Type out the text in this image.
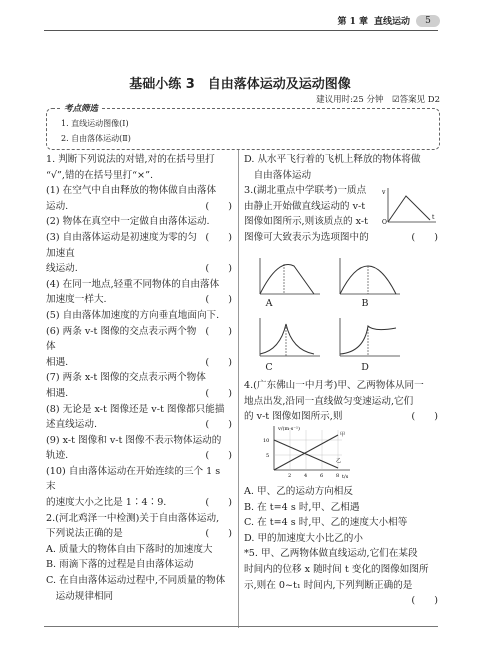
第 1 章 直线运动	5
基础小练 3　自由落体运动及运动图像
建议用时:25 分钟　☑答案见 D2
考点筛选
1. 直线运动图像(Ⅰ)
2. 自由落体运动(Ⅱ)

1. 判断下列说法的对错,对的在括号里打

“√”,错的在括号里打“×”.

(1) 在空气中自由释放的物体做自由落体

(　　)
运动.

(2) 物体在真空中一定做自由落体运动.

(　　)

(3) 自由落体运动是初速度为零的匀加速直

(　　)
线运动.

(4) 在同一地点,轻重不同物体的自由落体

(　　)
加速度一样大.

(5) 自由落体加速度的方向垂直地面向下.

(　　)

(6) 两条 v-t 图像的交点表示两个物体

(　　)
相遇.

(7) 两条 x-t 图像的交点表示两个物体

(　　)
相遇.

(8) 无论是 x-t 图像还是 v-t 图像都只能描

(　　)
述直线运动.

(9) x-t 图像和 v-t 图像不表示物体运动的

(　　)
轨迹.

(10) 自由落体运动在开始连续的三个 1 s 末

(　　)
的速度大小之比是 1∶4∶9.

2.(河北鸡泽一中检测)关于自由落体运动,

(　　)
下列说法正确的是

A. 质量大的物体自由下落时的加速度大

B. 雨滴下落的过程是自由落体运动

C. 在自由落体运动过程中,不同质量的物体

　运动规律相同

D. 从水平飞行着的飞机上释放的物体将做

　自由落体运动

3.(湖北重点中学联考)一质点

由静止开始做直线运动的 v-t

图像如图所示,则该质点的 x-t

(　　)
图像可大致表示为选项图中的

v
t
O
A	B
C	D

4.(广东佛山一中月考)甲、乙两物体从同一

地点出发,沿同一直线做匀变速运动,它们

(　　)
的 v-t 图像如图所示,则

v/(m·s⁻¹)
t/s
10
5
2	4	6	8
甲
乙

A. 甲、乙的运动方向相反

B. 在 t=4 s 时,甲、乙相遇

C. 在 t=4 s 时,甲、乙的速度大小相等

D. 甲的加速度大小比乙的小

*5. 甲、乙两物体做直线运动,它们在某段

时间内的位移 x 随时间 t 变化的图像如图所

示,则在 0~t₁ 时间内,下列判断正确的是

(　　)
